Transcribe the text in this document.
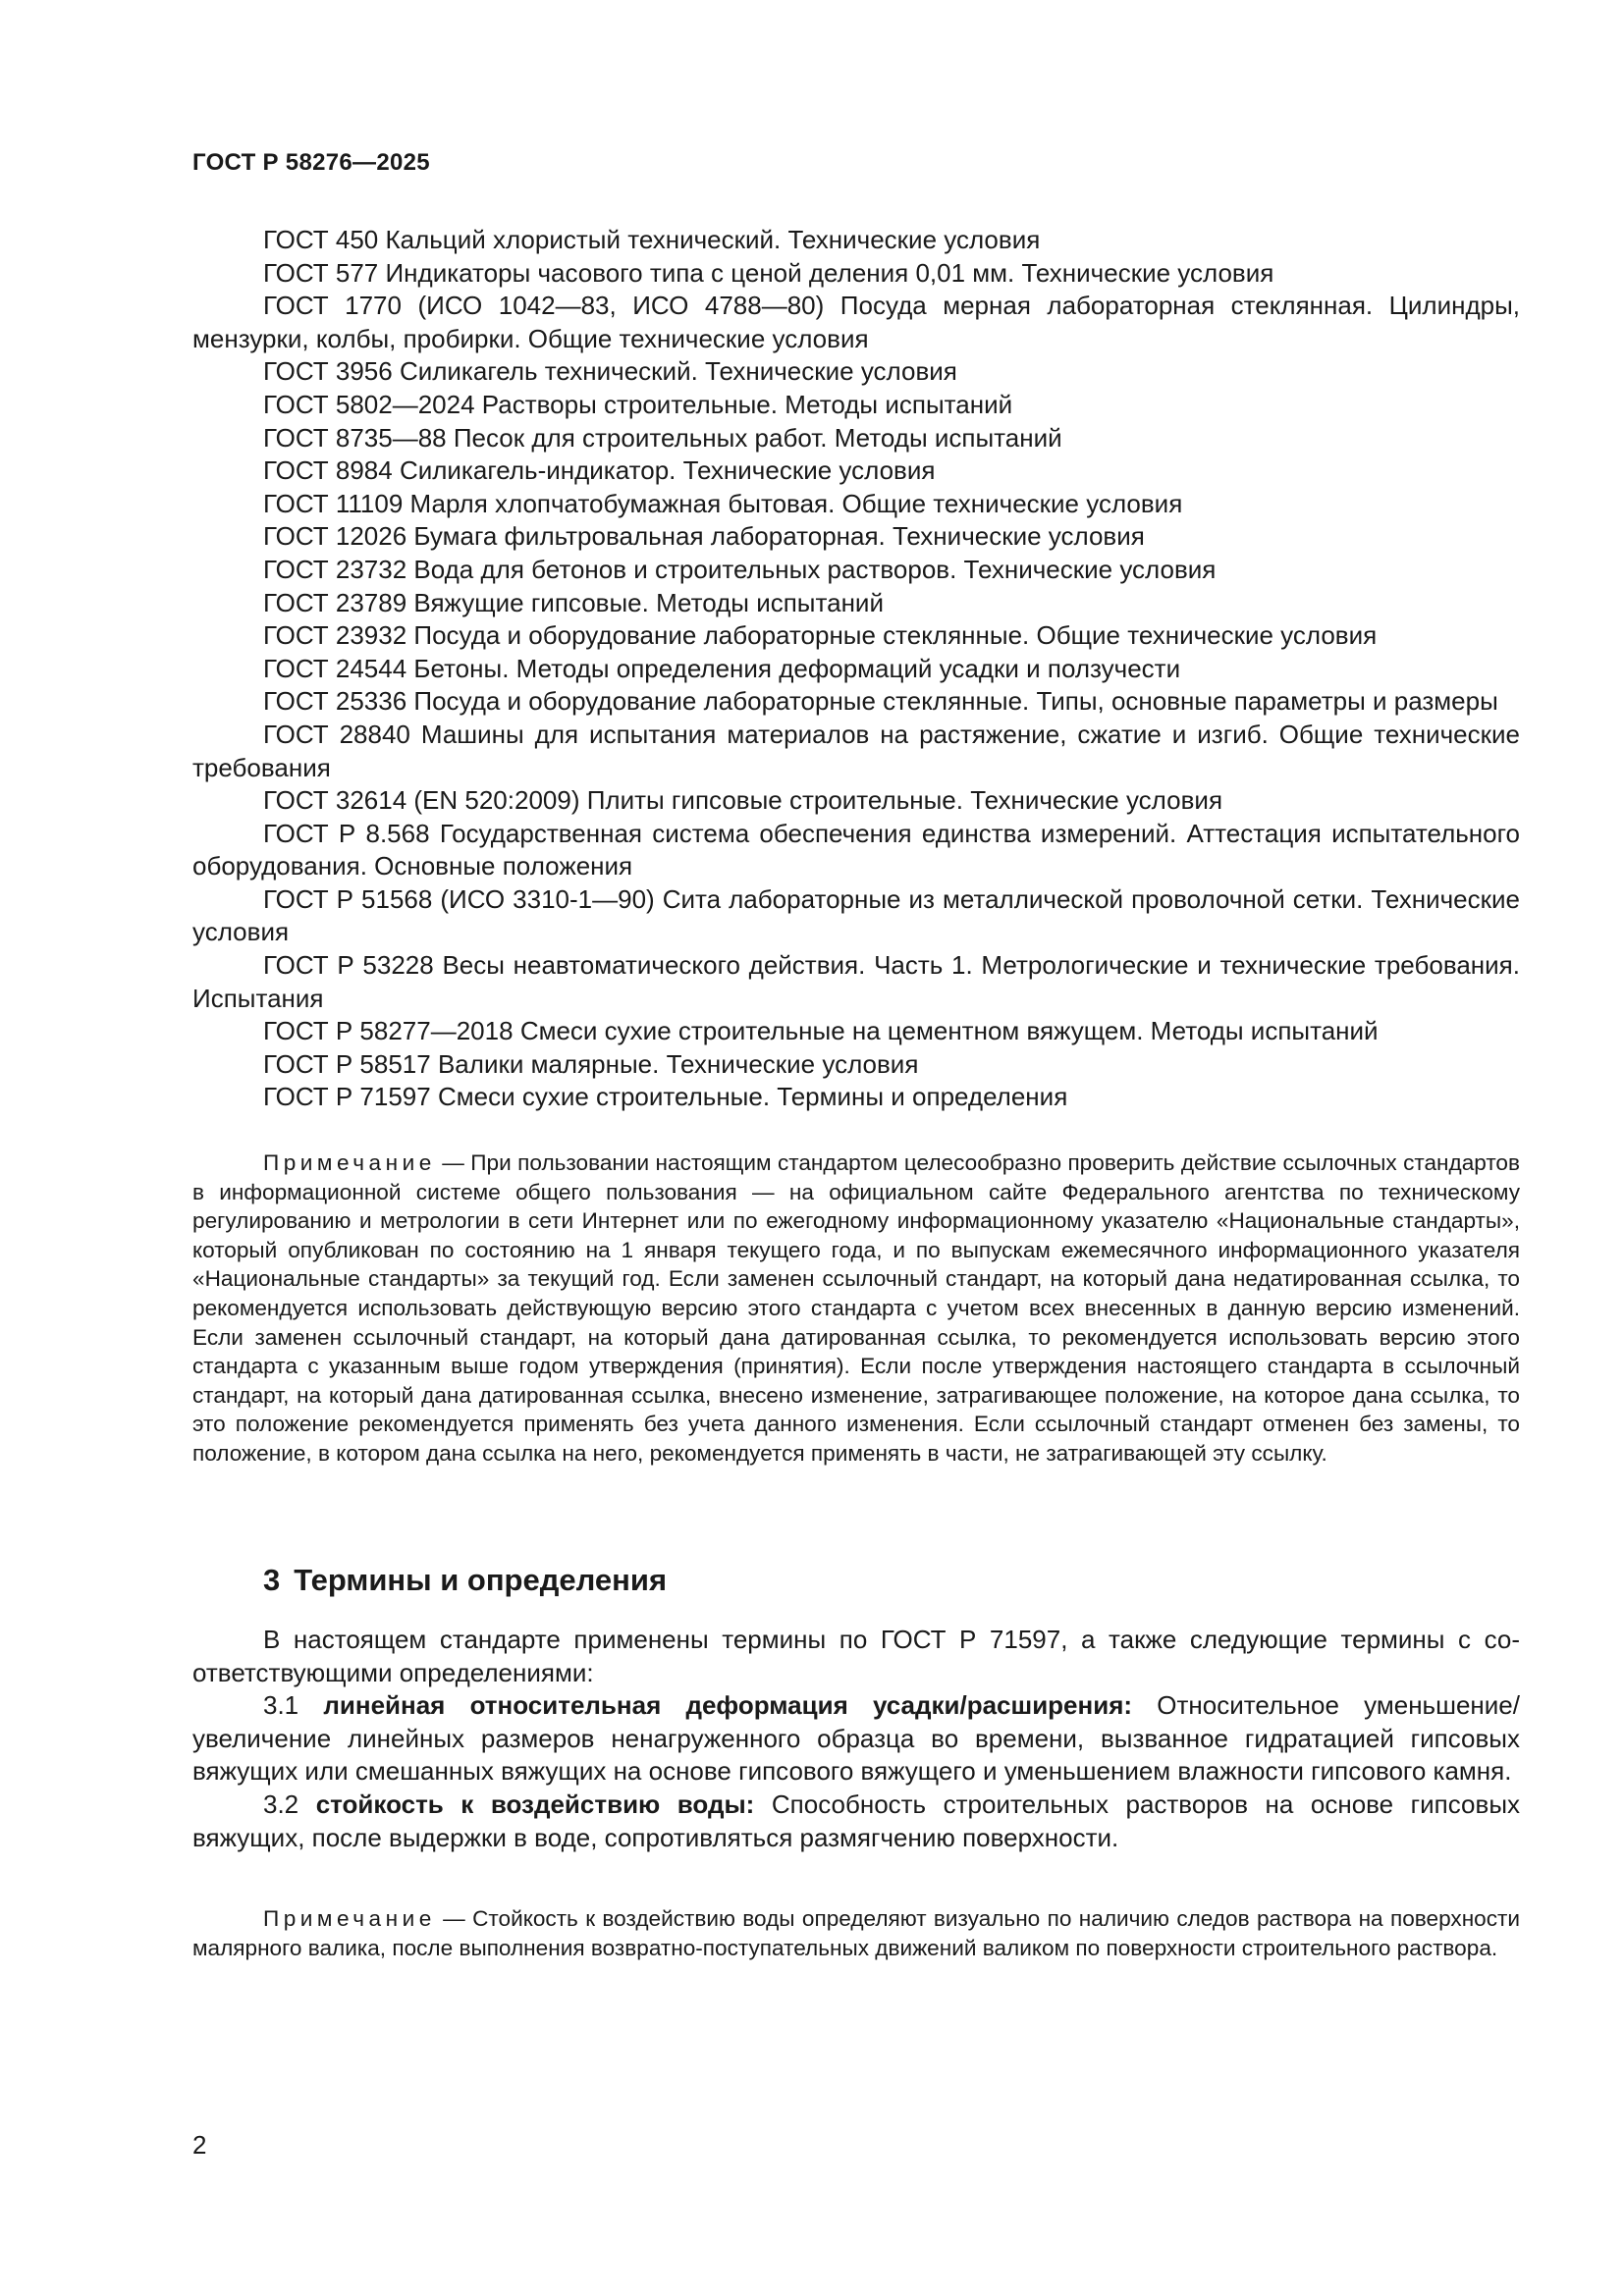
ГОСТ Р 58276—2025

ГОСТ 450 Кальций хлористый технический. Технические условия

ГОСТ 577 Индикаторы часового типа с ценой деления 0,01 мм. Технические условия

ГОСТ 1770 (ИСО 1042—83, ИСО 4788—80) Посуда мерная лабораторная стеклянная. Цилиндры, мензурки, колбы, пробирки. Общие технические условия

ГОСТ 3956 Силикагель технический. Технические условия

ГОСТ 5802—2024 Растворы строительные. Методы испытаний

ГОСТ 8735—88 Песок для строительных работ. Методы испытаний

ГОСТ 8984 Силикагель-индикатор. Технические условия

ГОСТ 11109 Марля хлопчатобумажная бытовая. Общие технические условия

ГОСТ 12026 Бумага фильтровальная лабораторная. Технические условия

ГОСТ 23732 Вода для бетонов и строительных растворов. Технические условия

ГОСТ 23789 Вяжущие гипсовые. Методы испытаний

ГОСТ 23932 Посуда и оборудование лабораторные стеклянные. Общие технические условия

ГОСТ 24544 Бетоны. Методы определения деформаций усадки и ползучести

ГОСТ 25336 Посуда и оборудование лабораторные стеклянные. Типы, основные параметры и размеры

ГОСТ 28840 Машины для испытания материалов на растяжение, сжатие и изгиб. Общие технические требования

ГОСТ 32614 (EN 520:2009) Плиты гипсовые строительные. Технические условия

ГОСТ Р 8.568 Государственная система обеспечения единства измерений. Аттестация испытательного оборудования. Основные положения

ГОСТ Р 51568 (ИСО 3310-1—90) Сита лабораторные из металлической проволочной сетки. Технические условия

ГОСТ Р 53228 Весы неавтоматического действия. Часть 1. Метрологические и технические требования. Испытания

ГОСТ Р 58277—2018 Смеси сухие строительные на цементном вяжущем. Методы испытаний

ГОСТ Р 58517 Валики малярные. Технические условия

ГОСТ Р 71597 Смеси сухие строительные. Термины и определения

Примечание — При пользовании настоящим стандартом целесообразно проверить действие ссылочных стандартов в информационной системе общего пользования — на официальном сайте Федерального агентства по техническому регулированию и метрологии в сети Интернет или по ежегодному информационному указателю «Национальные стандарты», который опубликован по состоянию на 1 января текущего года, и по выпускам ежемесячного информационного указателя «Национальные стандарты» за текущий год. Если заменен ссылочный стандарт, на который дана недатированная ссылка, то рекомендуется использовать действующую версию этого стандарта с учетом всех внесенных в данную версию изменений. Если заменен ссылочный стандарт, на который дана датированная ссылка, то рекомендуется использовать версию этого стандарта с указанным выше годом утверждения (принятия). Если после утверждения настоящего стандарта в ссылочный стандарт, на который дана датированная ссылка, внесено изменение, затрагивающее положение, на которое дана ссылка, то это положение рекомендуется применять без учета данного изменения. Если ссылочный стандарт отменен без замены, то положение, в котором дана ссылка на него, рекомендуется применять в части, не затрагивающей эту ссылку.

3 Термины и определения

В настоящем стандарте применены термины по ГОСТ Р 71597, а также следующие термины с соответствующими определениями:

3.1 линейная относительная деформация усадки/расширения: Относительное уменьшение/увеличение линейных размеров ненагруженного образца во времени, вызванное гидратацией гипсовых вяжущих или смешанных вяжущих на основе гипсового вяжущего и уменьшением влажности гипсового камня.

3.2 стойкость к воздействию воды: Способность строительных растворов на основе гипсовых вяжущих, после выдержки в воде, сопротивляться размягчению поверхности.

Примечание — Стойкость к воздействию воды определяют визуально по наличию следов раствора на поверхности малярного валика, после выполнения возвратно-поступательных движений валиком по поверхности строительного раствора.

2
